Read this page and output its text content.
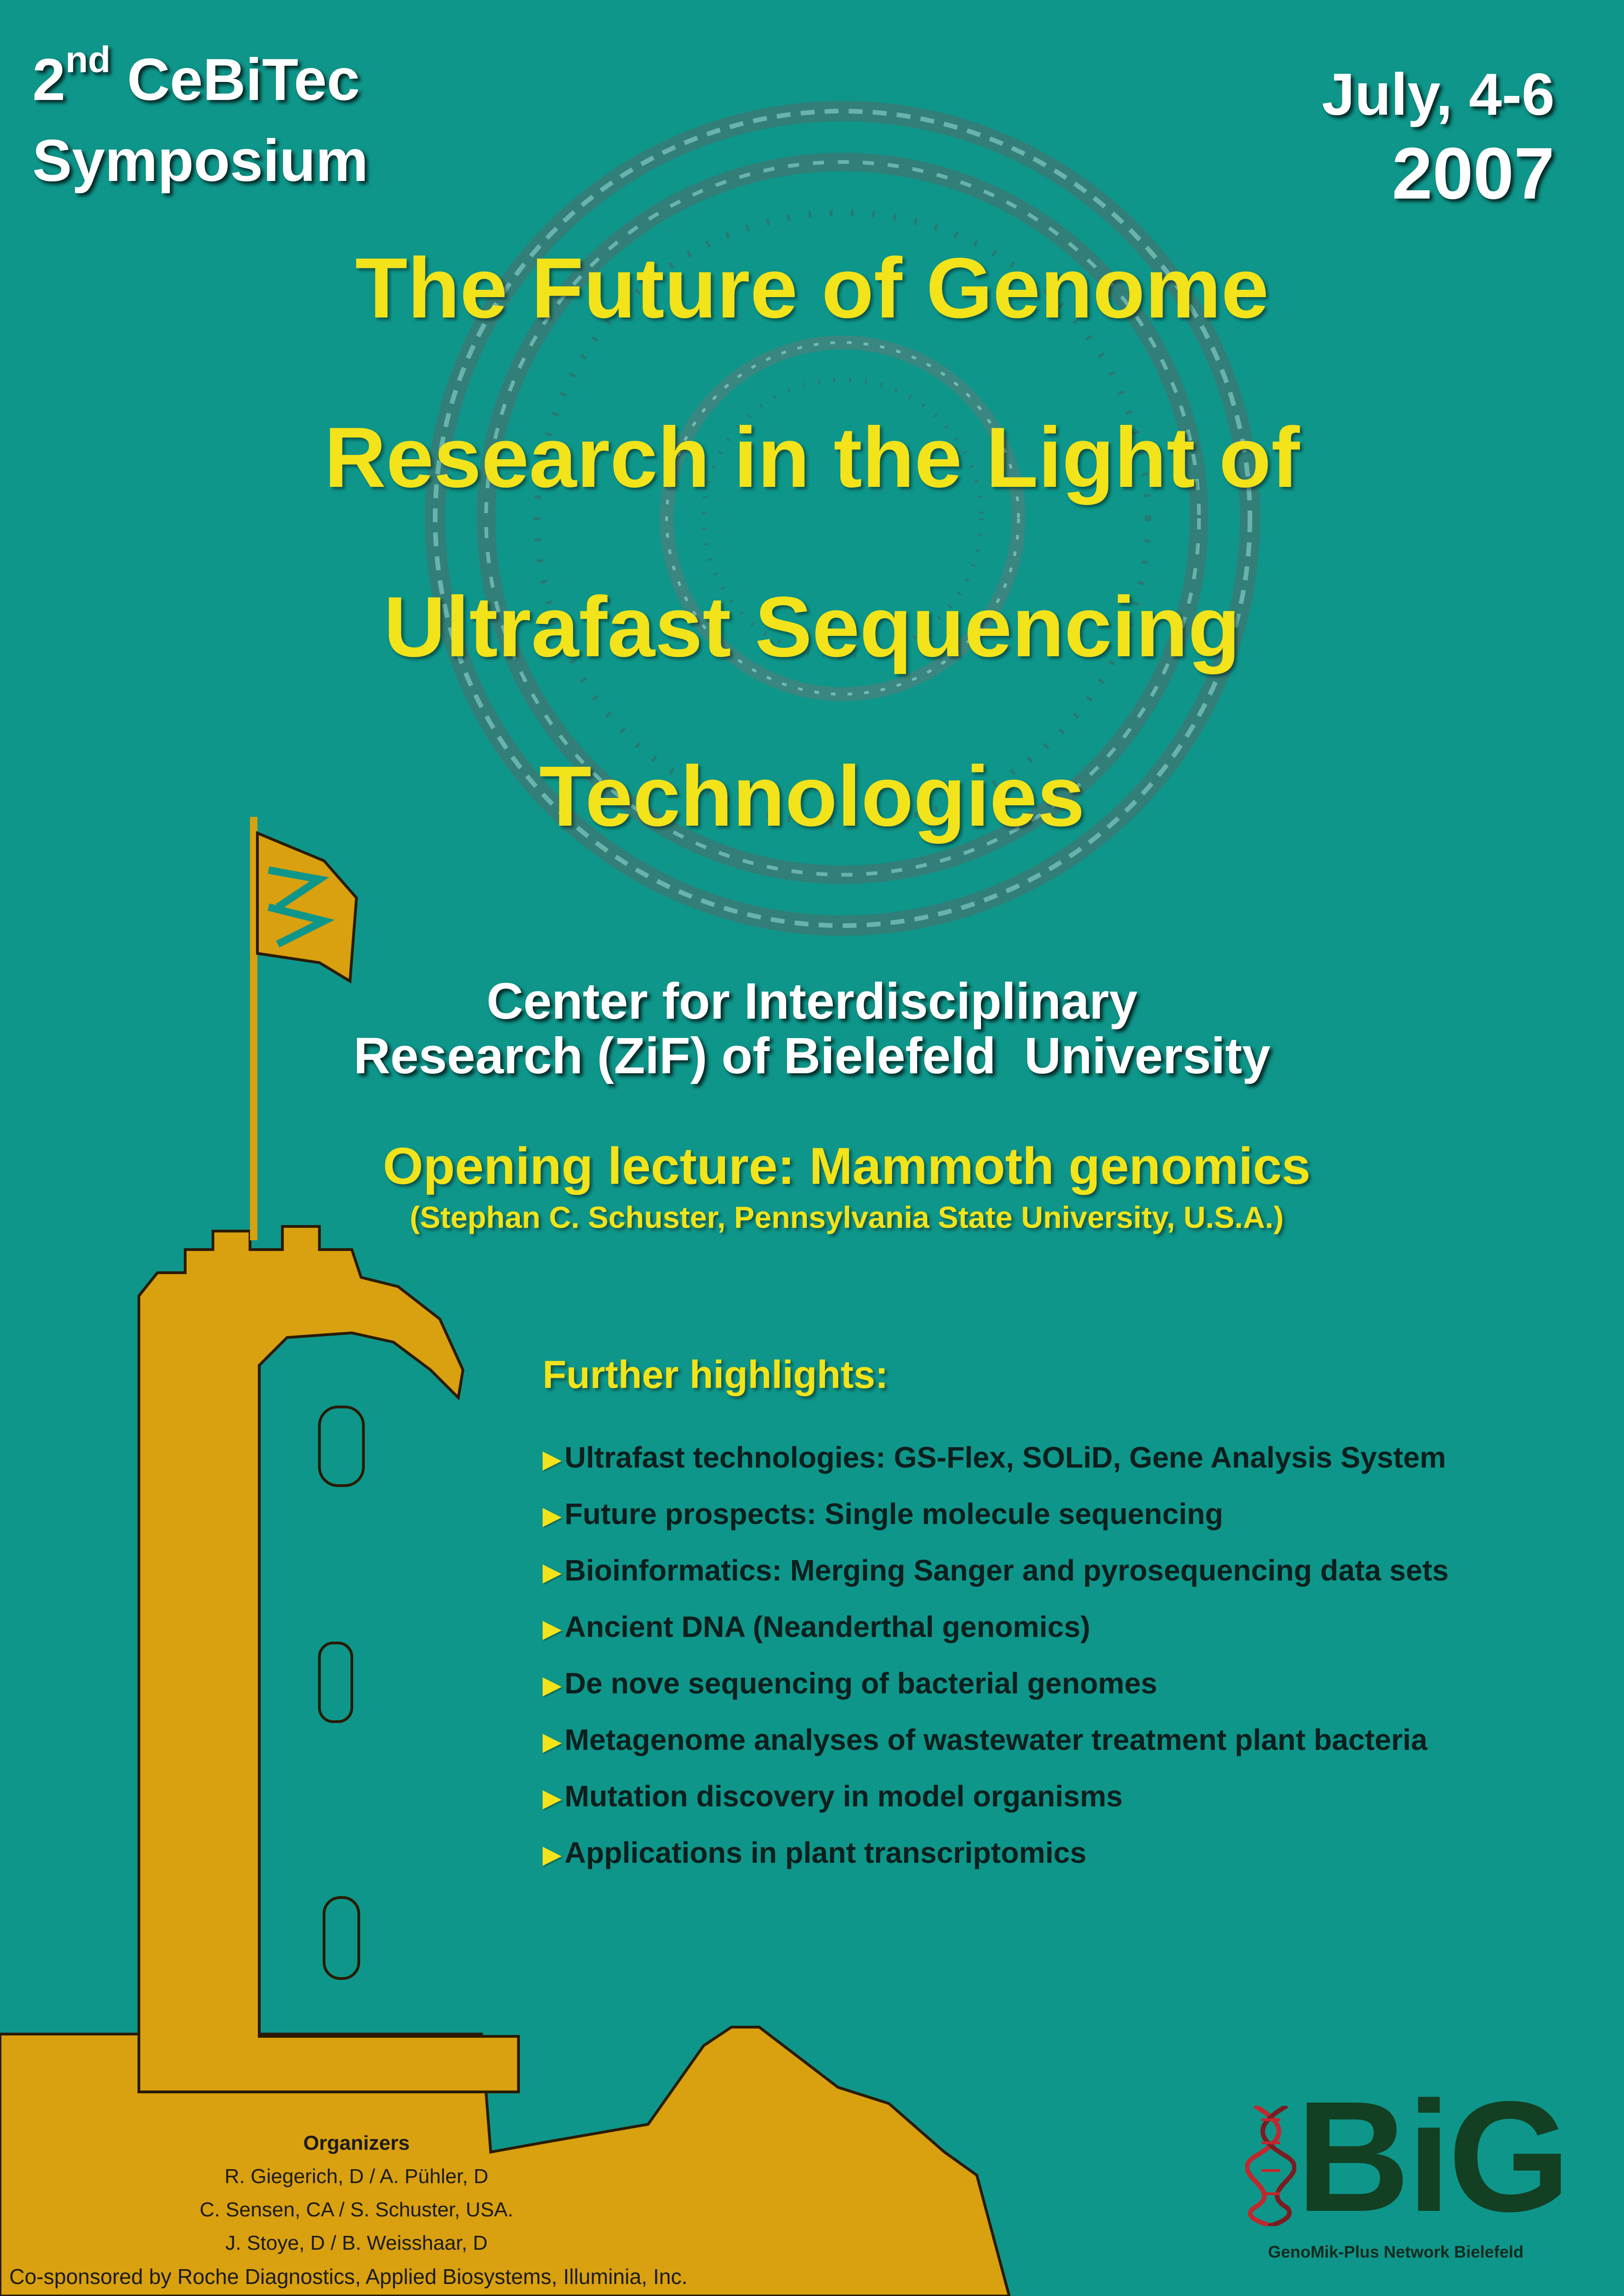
2nd CeBiTec
Symposium
July, 4-6
2007
The Future of Genome
Research in the Light of
Ultrafast Sequencing
Technologies
Center for Interdisciplinary
Research (ZiF) of Bielefeld  University
Opening lecture: Mammoth genomics
(Stephan C. Schuster, Pennsylvania State University, U.S.A.)
Further highlights:
▶Ultrafast technologies: GS-Flex, SOLiD, Gene Analysis System
▶Future prospects: Single molecule sequencing
▶Bioinformatics: Merging Sanger and pyrosequencing data sets
▶Ancient DNA (Neanderthal genomics)
▶De nove sequencing of bacterial genomes
▶Metagenome analyses of wastewater treatment plant bacteria
▶Mutation discovery in model organisms
▶Applications in plant transcriptomics
Organizers
R. Giegerich, D / A. Pühler, D
C. Sensen, CA / S. Schuster, USA.
J. Stoye, D / B. Weisshaar, D
Co-sponsored by Roche Diagnostics, Applied Biosystems, Illuminia, Inc.
BiG
GenoMik-Plus Network Bielefeld
